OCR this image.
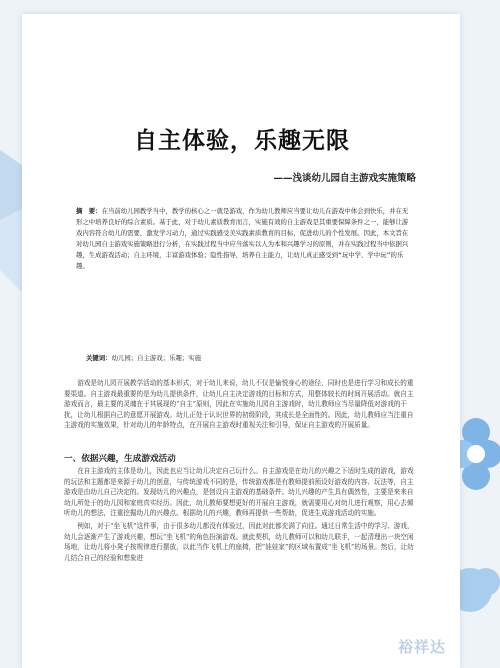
自主体验，乐趣无限
——浅谈幼儿园自主游戏实施策略
摘　要：在当前幼儿园教学当中，教学的核心之一就是游戏，作为幼儿教师应当要让幼儿在游戏中体会到快乐，并在无形之中培养良好的综合素质。基于此，对于幼儿素质教育而言，实施有效的自主游戏是其重要保障条件之一，能够让游戏内容符合幼儿的需要，激发学习动力，通过实践感受美实践素质教育的目标，促进幼儿的个性发展。因此，本文旨在对幼儿园自主游戏实施策略进行分析，在实践过程当中应当落实以人为本和兴趣学习的原则，并在实践过程当中依据兴趣，生成游戏活动；自主环境，丰富游戏体验；隐性指导，培养自主能力，让幼儿真正感受到“玩中学、学中玩”的乐趣。
关键词：幼儿园；自主游戏；乐趣；实施

游戏是幼儿园开展教学活动的基本形式，对于幼儿来说，幼儿不仅是愉悦身心的途径，同时也是进行学习和成长的重要渠道。自主游戏最重要的是为幼儿提供条件，让幼儿自主决定游戏的目标和方式，用整体较长的时间开展活动。就自主游戏而言，最主要的灵魂在于其展现的“自主”原则，因此在实施幼儿园自主游戏时，幼儿教师应当尽量降低对游戏的干扰，让幼儿根据自己的意愿开展游戏。幼儿正处于认识世界的初级阶段，其成长是全面性的。因此，幼儿教师应当注重自主游戏的实施效果，针对幼儿的年龄特点，在开展自主游戏时重视关注和引导，保证自主游戏的开展质量。

一、依据兴趣，生成游戏活动

在自主游戏的主体是幼儿，因此也应当让幼儿决定自己玩什么。自主游戏是在幼儿的兴趣之下适时生成的游戏，游戏的玩法和主题都是来源于幼儿的创意，与传统游戏不同的是，传统游戏都是有教师提前预设好游戏的内容、玩法等，自主游戏是由幼儿自己决定的。发现幼儿的兴趣点，是创设自主游戏的基础条件。幼儿兴趣的产生具有偶然性，主要是来来自幼儿所处于的幼儿园和家庭真实经历。因此，幼儿教师要想更好的开展自主游戏，就需要用心对幼儿进行观察，用心去倾听幼儿的想法，注重挖掘幼儿的兴趣点。根据幼儿的兴趣，教师再提供一些帮助，促进生成游戏活动的实施。

例如，对于“坐飞机”这件事，由于很多幼儿都没有体验过，因此对此都充满了向往。通过日常生活中的学习、游戏，幼儿会逐渐产生了游戏兴趣，想玩“坐飞机”的角色扮演游戏。就此契机，幼儿教师可以和幼儿联手，一起清理出一块空闲场地，让幼儿将小凳子按规律进行摆放，以此当作飞机上的座椅，把“娃娃家”的区域布置成“坐飞机”的场景。然后，让幼儿结合自己的经验和想象进

裕祥达
